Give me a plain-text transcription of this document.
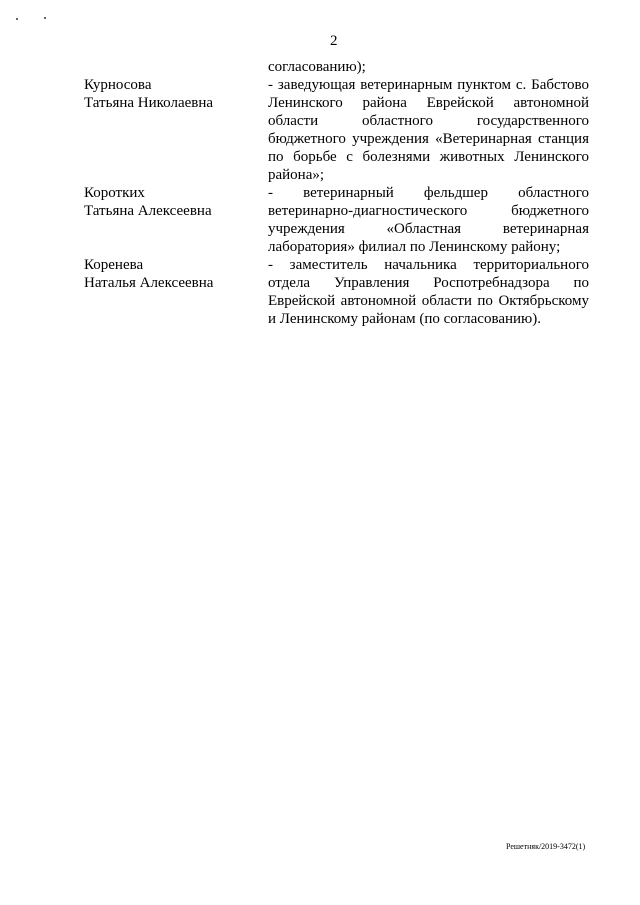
2
согласованию);
Курносова
Татьяна Николаевна
- заведующая ветеринарным пунктом с. Бабстово
Ленинского района Еврейской автономной
области областного государственного
бюджетного учреждения «Ветеринарная станция
по борьбе с болезнями животных Ленинского
района»;
Коротких
Татьяна Алексеевна
- ветеринарный фельдшер областного
ветеринарно-диагностического бюджетного
учреждения «Областная ветеринарная
лаборатория» филиал по Ленинскому району;
Коренева
Наталья Алексеевна
- заместитель начальника территориального
отдела Управления Роспотребнадзора по
Еврейской автономной области по Октябрьскому
и Ленинскому районам (по согласованию).
Решетняк/2019-3472(1)
